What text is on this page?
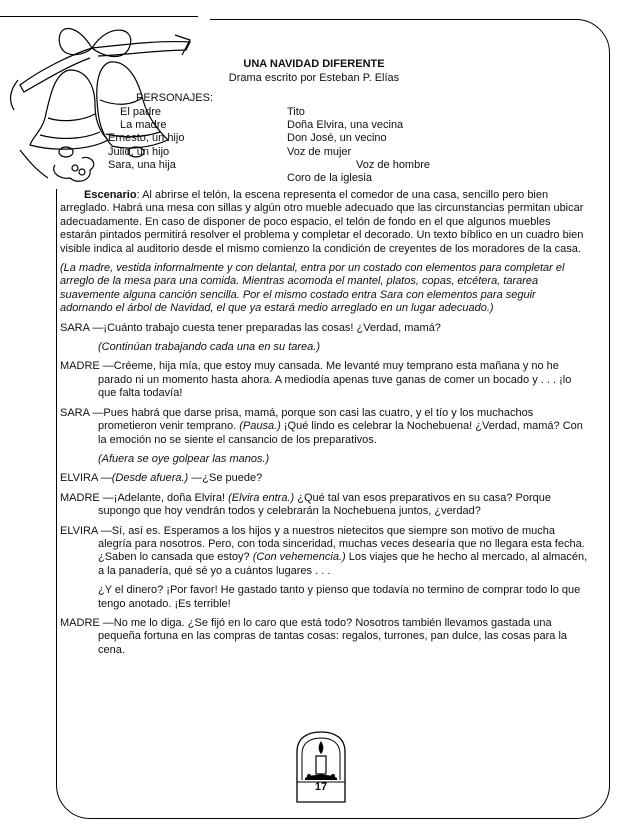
UNA NAVIDAD DIFERENTE
Drama escrito por Esteban P. Elías
PERSONAJES:
El padre
La madre
Ernesto, un hijo
Julio, un hijo
Sara, una hija
Tito
Doña Elvira, una vecina
Don José, un vecino
Voz de mujer
Voz de hombre
Coro de la iglesia

Escenario: Al abrirse el telón, la escena representa el comedor de una casa, sencillo pero bien arreglado. Habrá una mesa con sillas y algún otro mueble adecuado que las circunstancias permitan ubicar adecuadamente. En caso de disponer de poco espacio, el telón de fondo en el que algunos muebles estarán pintados permitirá resolver el problema y completar el decorado. Un texto bíblico en un cuadro bien visible indica al auditorio desde el mismo comienzo la condición de creyentes de los moradores de la casa.

(La madre, vestida informalmente y con delantal, entra por un costado con elementos para completar el arreglo de la mesa para una comida. Mientras acomoda el mantel, platos, copas, etcétera, tararea suavemente alguna canción sencilla. Por el mismo costado entra Sara con elementos para seguir adornando el árbol de Navidad, el que ya estará medio arreglado en un lugar adecuado.)

SARA —¡Cuánto trabajo cuesta tener preparadas las cosas! ¿Verdad, mamá?

(Continúan trabajando cada una en su tarea.)

MADRE —Créeme, hija mía, que estoy muy cansada. Me levanté muy temprano esta mañana y no he parado ni un momento hasta ahora. A mediodía apenas tuve ganas de comer un bocado y . . . ¡lo que falta todavía!

SARA —Pues habrá que darse prisa, mamá, porque son casi las cuatro, y el tío y los muchachos prometieron venir temprano. (Pausa.) ¡Qué lindo es celebrar la Nochebuena! ¿Verdad, mamá? Con la emoción no se siente el cansancio de los preparativos.

(Afuera se oye golpear las manos.)

ELVIRA —(Desde afuera.) —¿Se puede?

MADRE —¡Adelante, doña Elvira! (Elvira entra.) ¿Qué tal van esos preparativos en su casa? Porque supongo que hoy vendrán todos y celebrarán la Nochebuena juntos, ¿verdad?

ELVIRA —Sí, así es. Esperamos a los hijos y a nuestros nietecitos que siempre son motivo de mucha alegría para nosotros. Pero, con toda sinceridad, muchas veces desearía que no llegara esta fecha. ¿Saben lo cansada que estoy? (Con vehemencia.) Los viajes que he hecho al mercado, al almacén, a la panadería, qué sé yo a cuántos lugares . . .

¿Y el dinero? ¡Por favor! He gastado tanto y pienso que todavía no termino de comprar todo lo que tengo anotado. ¡Es terrible!

MADRE —No me lo diga. ¿Se fijó en lo caro que está todo? Nosotros también llevamos gastada una pequeña fortuna en las compras de tantas cosas: regalos, turrones, pan dulce, las cosas para la cena.

17
